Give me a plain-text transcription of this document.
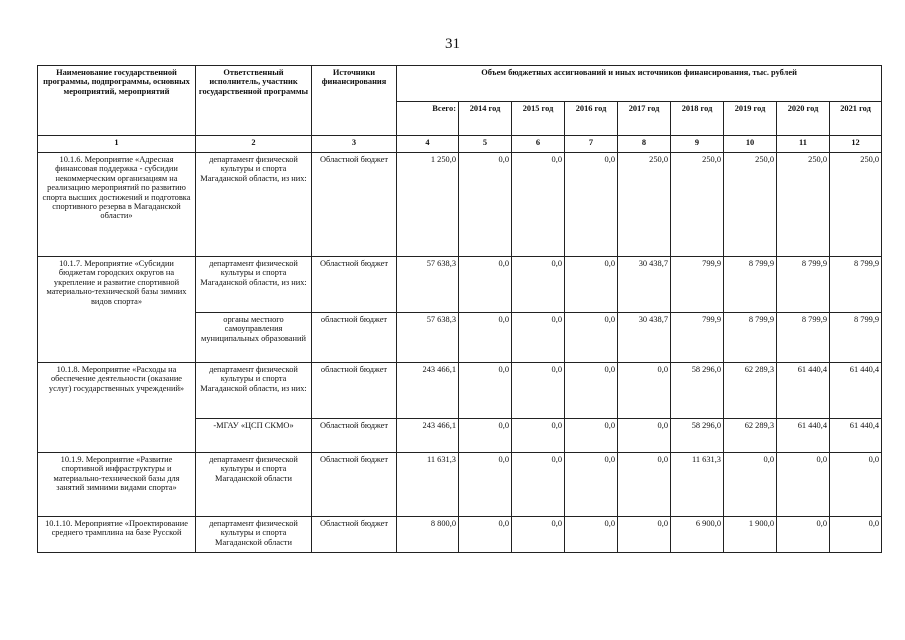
31
Наименование государственной программы, подпрограммы, основных мероприятий, мероприятий	Ответственный исполнитель, участник государственной программы	Источники финансирования	Объем бюджетных ассигнований и иных источников финансирования, тыс. рублей								
			Всего:	2014 год	2015 год	2016 год	2017 год	2018 год	2019 год	2020 год	2021 год
1	2	3	4	5	6	7	8	9	10	11	12
10.1.6. Мероприятие «Адресная финансовая поддержка - субсидии некоммерческим организациям на реализацию мероприятий по развитию спорта высших достижений и подготовка спортивного резерва в Магаданской области»	департамент физической культуры и спорта Магаданской области, из них:	Областной бюджет	1 250,0	0,0	0,0	0,0	250,0	250,0	250,0	250,0	250,0
10.1.7. Мероприятие «Субсидии бюджетам городских округов на укрепление и развитие спортивной материально-технической базы зимних видов спорта»	департамент физической культуры и спорта Магаданской области, из них:	Областной бюджет	57 638,3	0,0	0,0	0,0	30 438,7	799,9	8 799,9	8 799,9	8 799,9
	органы местного самоуправления муниципальных образований	областной бюджет	57 638,3	0,0	0,0	0,0	30 438,7	799,9	8 799,9	8 799,9	8 799,9
10.1.8. Мероприятие «Расходы на обеспечение деятельности (оказание услуг) государственных учреждений»	департамент физической культуры и спорта Магаданской области, из них:	областной бюджет	243 466,1	0,0	0,0	0,0	0,0	58 296,0	62 289,3	61 440,4	61 440,4
	-МГАУ «ЦСП СКМО»	Областной бюджет	243 466,1	0,0	0,0	0,0	0,0	58 296,0	62 289,3	61 440,4	61 440,4
10.1.9. Мероприятие «Развитие спортивной инфраструктуры и материально-технической базы для занятий зимними видами спорта»	департамент физической культуры и спорта Магаданской области	Областной бюджет	11 631,3	0,0	0,0	0,0	0,0	11 631,3	0,0	0,0	0,0
10.1.10. Мероприятие «Проектирование среднего трамплина на базе Русской	департамент физической культуры и спорта Магаданской области	Областной бюджет	8 800,0	0,0	0,0	0,0	0,0	6 900,0	1 900,0	0,0	0,0
